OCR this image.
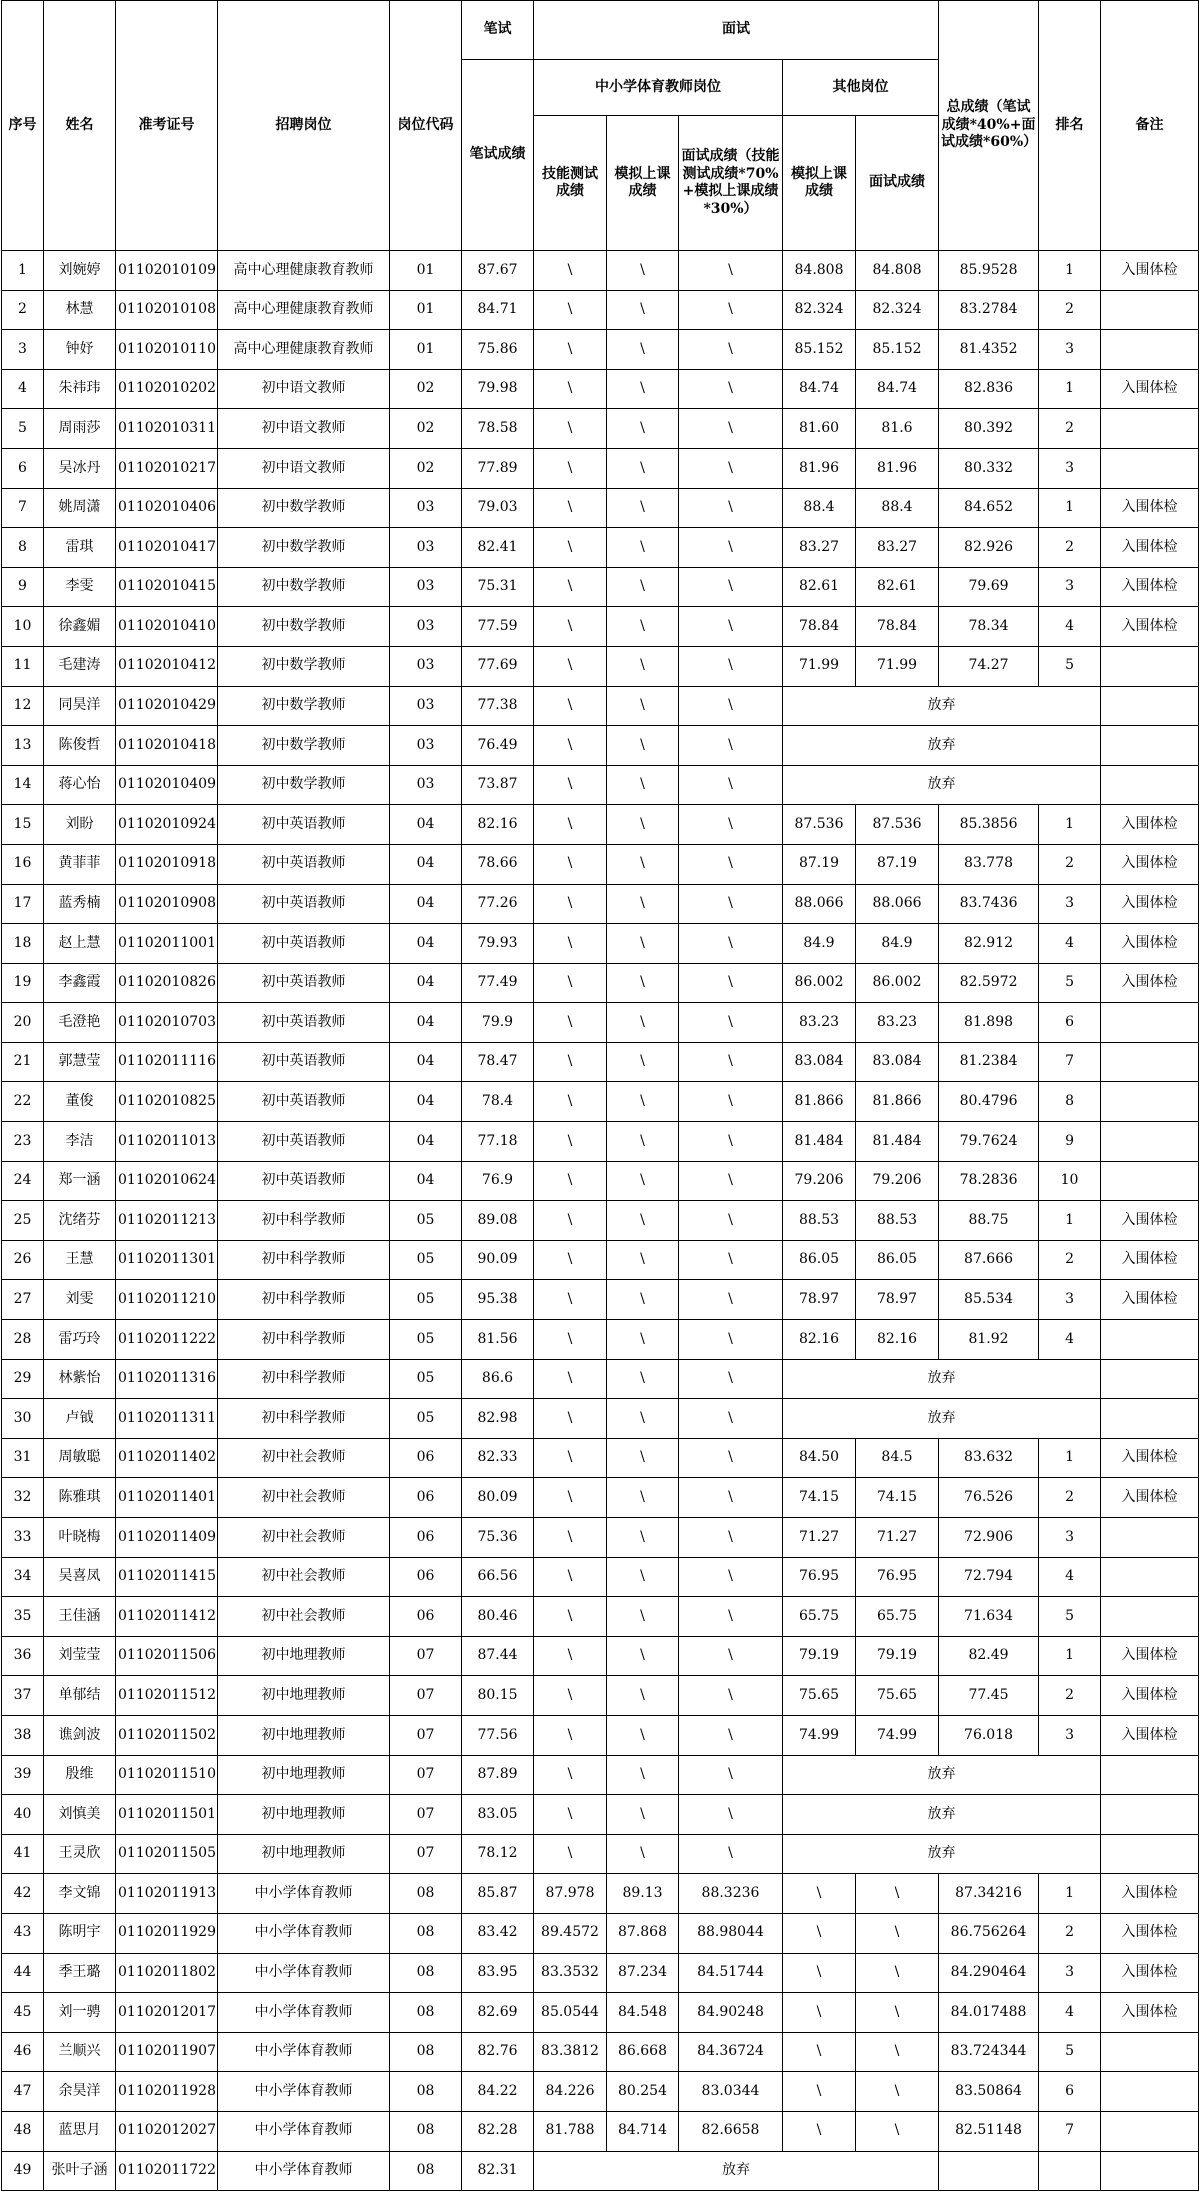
序号	姓名	准考证号	招聘岗位	岗位代码	笔试	面试					总成绩（笔试成绩*40%+面试成绩*60%）	排名	备注
					笔试成绩	中小学体育教师岗位			其他岗位				
						技能测试成绩	模拟上课成绩	面试成绩（技能测试成绩*70%+模拟上课成绩*30%）	模拟上课成绩	面试成绩			
1	刘婉婷	01102010109	高中心理健康教育教师	01	87.67	\	\	\	84.808	84.808	85.9528	1	入围体检
2	林慧	01102010108	高中心理健康教育教师	01	84.71	\	\	\	82.324	82.324	83.2784	2	
3	钟妤	01102010110	高中心理健康教育教师	01	75.86	\	\	\	85.152	85.152	81.4352	3	
4	朱祎玮	01102010202	初中语文教师	02	79.98	\	\	\	84.74	84.74	82.836	1	入围体检
5	周雨莎	01102010311	初中语文教师	02	78.58	\	\	\	81.60	81.6	80.392	2	
6	吴冰丹	01102010217	初中语文教师	02	77.89	\	\	\	81.96	81.96	80.332	3	
7	姚周潇	01102010406	初中数学教师	03	79.03	\	\	\	88.4	88.4	84.652	1	入围体检
8	雷琪	01102010417	初中数学教师	03	82.41	\	\	\	83.27	83.27	82.926	2	入围体检
9	李雯	01102010415	初中数学教师	03	75.31	\	\	\	82.61	82.61	79.69	3	入围体检
10	徐鑫媚	01102010410	初中数学教师	03	77.59	\	\	\	78.84	78.84	78.34	4	入围体检
11	毛建涛	01102010412	初中数学教师	03	77.69	\	\	\	71.99	71.99	74.27	5	
12	同昊洋	01102010429	初中数学教师	03	77.38	\	\	\	放弃				
13	陈俊哲	01102010418	初中数学教师	03	76.49	\	\	\	放弃				
14	蒋心怡	01102010409	初中数学教师	03	73.87	\	\	\	放弃				
15	刘盼	01102010924	初中英语教师	04	82.16	\	\	\	87.536	87.536	85.3856	1	入围体检
16	黄菲菲	01102010918	初中英语教师	04	78.66	\	\	\	87.19	87.19	83.778	2	入围体检
17	蓝秀楠	01102010908	初中英语教师	04	77.26	\	\	\	88.066	88.066	83.7436	3	入围体检
18	赵上慧	01102011001	初中英语教师	04	79.93	\	\	\	84.9	84.9	82.912	4	入围体检
19	李鑫霞	01102010826	初中英语教师	04	77.49	\	\	\	86.002	86.002	82.5972	5	入围体检
20	毛澄艳	01102010703	初中英语教师	04	79.9	\	\	\	83.23	83.23	81.898	6	
21	郭慧莹	01102011116	初中英语教师	04	78.47	\	\	\	83.084	83.084	81.2384	7	
22	董俊	01102010825	初中英语教师	04	78.4	\	\	\	81.866	81.866	80.4796	8	
23	李洁	01102011013	初中英语教师	04	77.18	\	\	\	81.484	81.484	79.7624	9	
24	郑一涵	01102010624	初中英语教师	04	76.9	\	\	\	79.206	79.206	78.2836	10	
25	沈绪芬	01102011213	初中科学教师	05	89.08	\	\	\	88.53	88.53	88.75	1	入围体检
26	王慧	01102011301	初中科学教师	05	90.09	\	\	\	86.05	86.05	87.666	2	入围体检
27	刘雯	01102011210	初中科学教师	05	95.38	\	\	\	78.97	78.97	85.534	3	入围体检
28	雷巧玲	01102011222	初中科学教师	05	81.56	\	\	\	82.16	82.16	81.92	4	
29	林紫怡	01102011316	初中科学教师	05	86.6	\	\	\	放弃				
30	卢钺	01102011311	初中科学教师	05	82.98	\	\	\	放弃				
31	周敏聪	01102011402	初中社会教师	06	82.33	\	\	\	84.50	84.5	83.632	1	入围体检
32	陈雅琪	01102011401	初中社会教师	06	80.09	\	\	\	74.15	74.15	76.526	2	入围体检
33	叶晓梅	01102011409	初中社会教师	06	75.36	\	\	\	71.27	71.27	72.906	3	
34	吴喜凤	01102011415	初中社会教师	06	66.56	\	\	\	76.95	76.95	72.794	4	
35	王佳涵	01102011412	初中社会教师	06	80.46	\	\	\	65.75	65.75	71.634	5	
36	刘莹莹	01102011506	初中地理教师	07	87.44	\	\	\	79.19	79.19	82.49	1	入围体检
37	单郁结	01102011512	初中地理教师	07	80.15	\	\	\	75.65	75.65	77.45	2	入围体检
38	谯剑波	01102011502	初中地理教师	07	77.56	\	\	\	74.99	74.99	76.018	3	入围体检
39	殷维	01102011510	初中地理教师	07	87.89	\	\	\	放弃				
40	刘慎美	01102011501	初中地理教师	07	83.05	\	\	\	放弃				
41	王灵欣	01102011505	初中地理教师	07	78.12	\	\	\	放弃				
42	李文锦	01102011913	中小学体育教师	08	85.87	87.978	89.13	88.3236	\	\	87.34216	1	入围体检
43	陈明宇	01102011929	中小学体育教师	08	83.42	89.4572	87.868	88.98044	\	\	86.756264	2	入围体检
44	季王璐	01102011802	中小学体育教师	08	83.95	83.3532	87.234	84.51744	\	\	84.290464	3	入围体检
45	刘一骋	01102012017	中小学体育教师	08	82.69	85.0544	84.548	84.90248	\	\	84.017488	4	入围体检
46	兰顺兴	01102011907	中小学体育教师	08	82.76	83.3812	86.668	84.36724	\	\	83.724344	5	
47	余昊洋	01102011928	中小学体育教师	08	84.22	84.226	80.254	83.0344	\	\	83.50864	6	
48	蓝思月	01102012027	中小学体育教师	08	82.28	81.788	84.714	82.6658	\	\	82.51148	7	
49	张叶子涵	01102011722	中小学体育教师	08	82.31	放弃							
